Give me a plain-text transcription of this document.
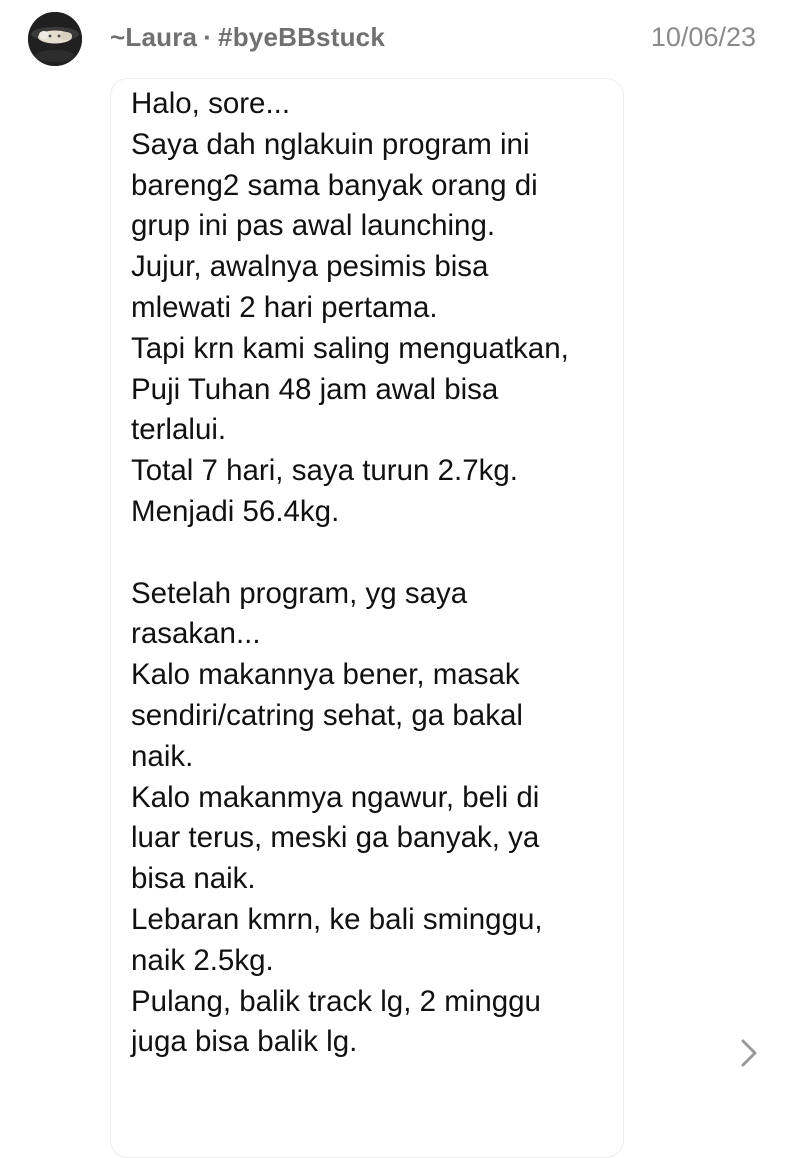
~Laura · #byeBBstuck	10/06/23
Halo, sore...
Saya dah nglakuin program ini
bareng2 sama banyak orang di
grup ini pas awal launching.
Jujur, awalnya pesimis bisa
mlewati 2 hari pertama.
Tapi krn kami saling menguatkan,
Puji Tuhan 48 jam awal bisa
terlalui.
Total 7 hari, saya turun 2.7kg.
Menjadi 56.4kg.
Setelah program, yg saya
rasakan...
Kalo makannya bener, masak
sendiri/catring sehat, ga bakal
naik.
Kalo makanmya ngawur, beli di
luar terus, meski ga banyak, ya
bisa naik.
Lebaran kmrn, ke bali sminggu,
naik 2.5kg.
Pulang, balik track lg, 2 minggu
juga bisa balik lg.
